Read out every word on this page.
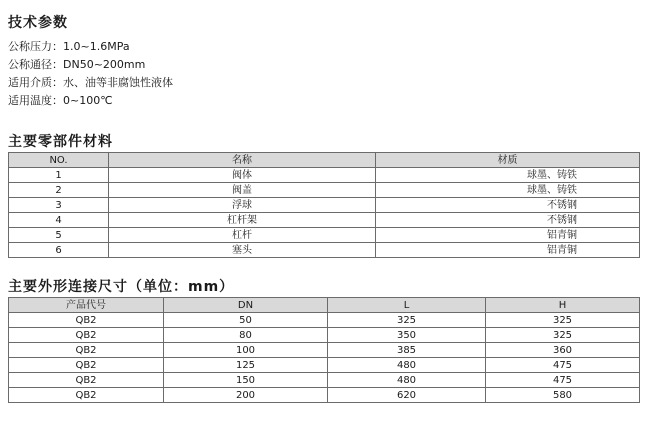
技术参数
公称压力：1.0~1.6MPa
公称通径：DN50~200mm
适用介质：水、油等非腐蚀性液体
适用温度：0~100℃
主要零部件材料
NO.	名称	材质
1	阀体	球墨、铸铁
2	阀盖	球墨、铸铁
3	浮球	不锈钢
4	杠杆架	不锈钢
5	杠杆	铝青铜
6	塞头	铝青铜
主要外形连接尺寸（单位：mm）
产品代号	DN	L	H
QB2	50	325	325
QB2	80	350	325
QB2	100	385	360
QB2	125	480	475
QB2	150	480	475
QB2	200	620	580
